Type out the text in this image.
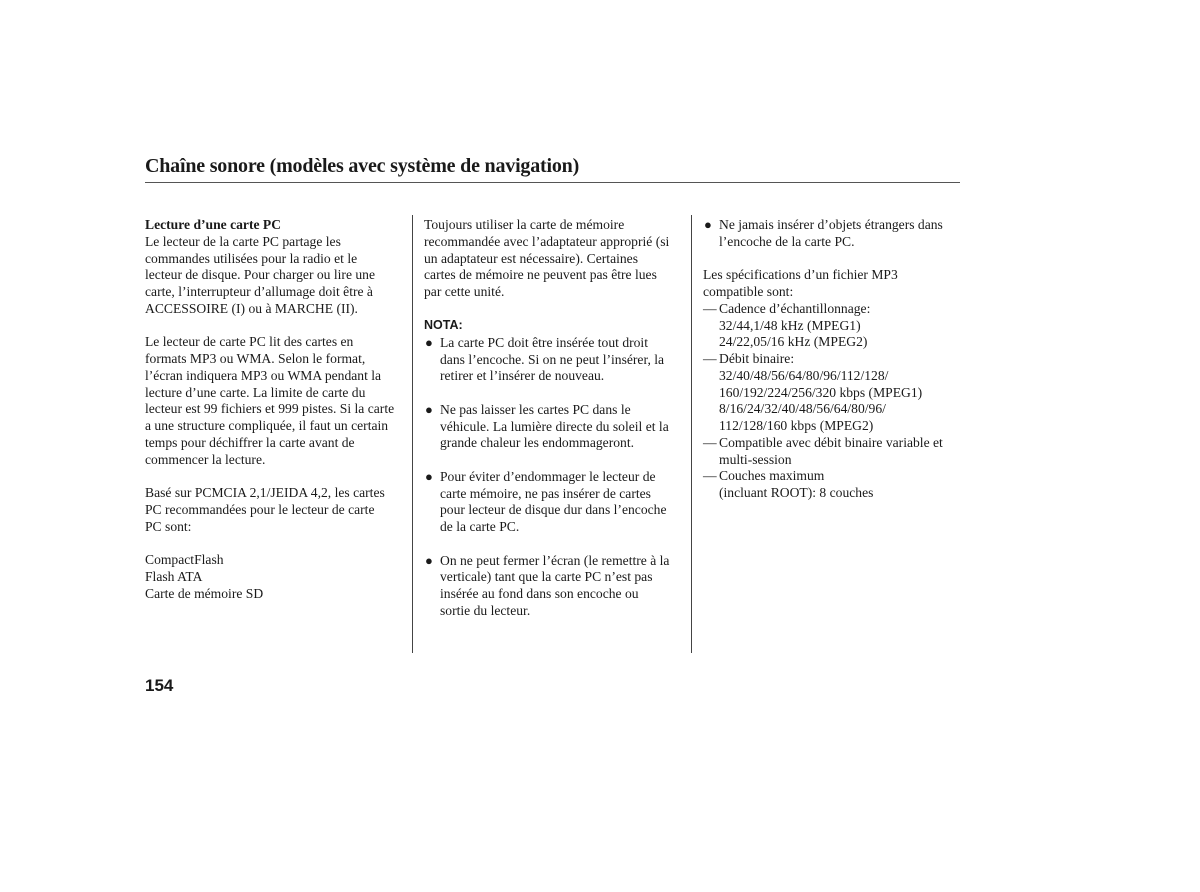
Chaîne sonore (modèles avec système de navigation)
Lecture d’une carte PC

Le lecteur de la carte PC partage les
commandes utilisées pour la radio et le
lecteur de disque. Pour charger ou lire une
carte, l’interrupteur d’allumage doit être à
ACCESSOIRE (I) ou à MARCHE (II).

Le lecteur de carte PC lit des cartes en
formats MP3 ou WMA. Selon le format,
l’écran indiquera MP3 ou WMA pendant la
lecture d’une carte. La limite de carte du
lecteur est 99 fichiers et 999 pistes. Si la carte
a une structure compliquée, il faut un certain
temps pour déchiffrer la carte avant de
commencer la lecture.

Basé sur PCMCIA 2,1/JEIDA 4,2, les cartes
PC recommandées pour le lecteur de carte
PC sont:

CompactFlash
Flash ATA
Carte de mémoire SD

Toujours utiliser la carte de mémoire
recommandée avec l’adaptateur approprié (si
un adaptateur est nécessaire). Certaines
cartes de mémoire ne peuvent pas être lues
par cette unité.

NOTA:
● La carte PC doit être insérée tout droit
dans l’encoche. Si on ne peut l’insérer, la
retirer et l’insérer de nouveau.
● Ne pas laisser les cartes PC dans le
véhicule. La lumière directe du soleil et la
grande chaleur les endommageront.
● Pour éviter d’endommager le lecteur de
carte mémoire, ne pas insérer de cartes
pour lecteur de disque dur dans l’encoche
de la carte PC.
● On ne peut fermer l’écran (le remettre à la
verticale) tant que la carte PC n’est pas
insérée au fond dans son encoche ou
sortie du lecteur.
● Ne jamais insérer d’objets étrangers dans
l’encoche de la carte PC.

Les spécifications d’un fichier MP3
compatible sont:

— Cadence d’échantillonnage:
32/44,1/48 kHz (MPEG1)
24/22,05/16 kHz (MPEG2)
— Débit binaire:
32/40/48/56/64/80/96/112/128/
160/192/224/256/320 kbps (MPEG1)
8/16/24/32/40/48/56/64/80/96/
112/128/160 kbps (MPEG2)
— Compatible avec débit binaire variable et
multi-session
— Couches maximum
(incluant ROOT): 8 couches
154
